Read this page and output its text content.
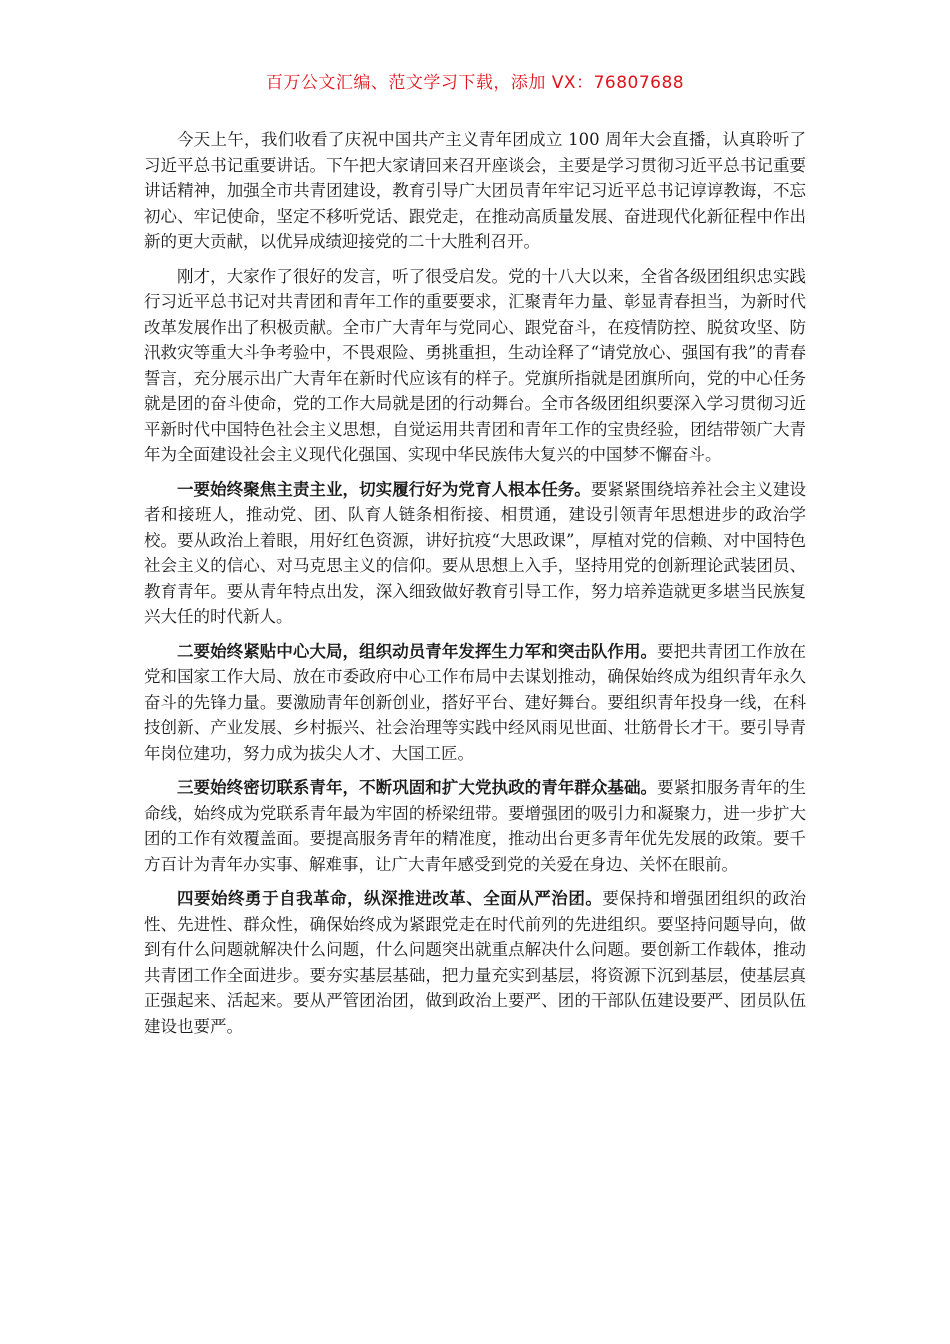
百万公文汇编、范文学习下载，添加 VX：76807688

今天上午，我们收看了庆祝中国共产主义青年团成立 100 周年大会直播，认真聆听了习近平总书记重要讲话。下午把大家请回来召开座谈会，主要是学习贯彻习近平总书记重要讲话精神，加强全市共青团建设，教育引导广大团员青年牢记习近平总书记谆谆教诲，不忘初心、牢记使命，坚定不移听党话、跟党走，在推动高质量发展、奋进现代化新征程中作出新的更大贡献，以优异成绩迎接党的二十大胜利召开。

刚才，大家作了很好的发言，听了很受启发。党的十八大以来，全省各级团组织忠实践行习近平总书记对共青团和青年工作的重要要求，汇聚青年力量、彰显青春担当，为新时代改革发展作出了积极贡献。全市广大青年与党同心、跟党奋斗，在疫情防控、脱贫攻坚、防汛救灾等重大斗争考验中，不畏艰险、勇挑重担，生动诠释了“请党放心、强国有我”的青春誓言，充分展示出广大青年在新时代应该有的样子。党旗所指就是团旗所向，党的中心任务就是团的奋斗使命，党的工作大局就是团的行动舞台。全市各级团组织要深入学习贯彻习近平新时代中国特色社会主义思想，自觉运用共青团和青年工作的宝贵经验，团结带领广大青年为全面建设社会主义现代化强国、实现中华民族伟大复兴的中国梦不懈奋斗。

一要始终聚焦主责主业，切实履行好为党育人根本任务。要紧紧围绕培养社会主义建设者和接班人，推动党、团、队育人链条相衔接、相贯通，建设引领青年思想进步的政治学校。要从政治上着眼，用好红色资源，讲好抗疫“大思政课”，厚植对党的信赖、对中国特色社会主义的信心、对马克思主义的信仰。要从思想上入手，坚持用党的创新理论武装团员、教育青年。要从青年特点出发，深入细致做好教育引导工作，努力培养造就更多堪当民族复兴大任的时代新人。

二要始终紧贴中心大局，组织动员青年发挥生力军和突击队作用。要把共青团工作放在党和国家工作大局、放在市委政府中心工作布局中去谋划推动，确保始终成为组织青年永久奋斗的先锋力量。要激励青年创新创业，搭好平台、建好舞台。要组织青年投身一线，在科技创新、产业发展、乡村振兴、社会治理等实践中经风雨见世面、壮筋骨长才干。要引导青年岗位建功，努力成为拔尖人才、大国工匠。

三要始终密切联系青年，不断巩固和扩大党执政的青年群众基础。要紧扣服务青年的生命线，始终成为党联系青年最为牢固的桥梁纽带。要增强团的吸引力和凝聚力，进一步扩大团的工作有效覆盖面。要提高服务青年的精准度，推动出台更多青年优先发展的政策。要千方百计为青年办实事、解难事，让广大青年感受到党的关爱在身边、关怀在眼前。

四要始终勇于自我革命，纵深推进改革、全面从严治团。要保持和增强团组织的政治性、先进性、群众性，确保始终成为紧跟党走在时代前列的先进组织。要坚持问题导向，做到有什么问题就解决什么问题，什么问题突出就重点解决什么问题。要创新工作载体，推动共青团工作全面进步。要夯实基层基础，把力量充实到基层，将资源下沉到基层，使基层真正强起来、活起来。要从严管团治团，做到政治上要严、团的干部队伍建设要严、团员队伍建设也要严。
